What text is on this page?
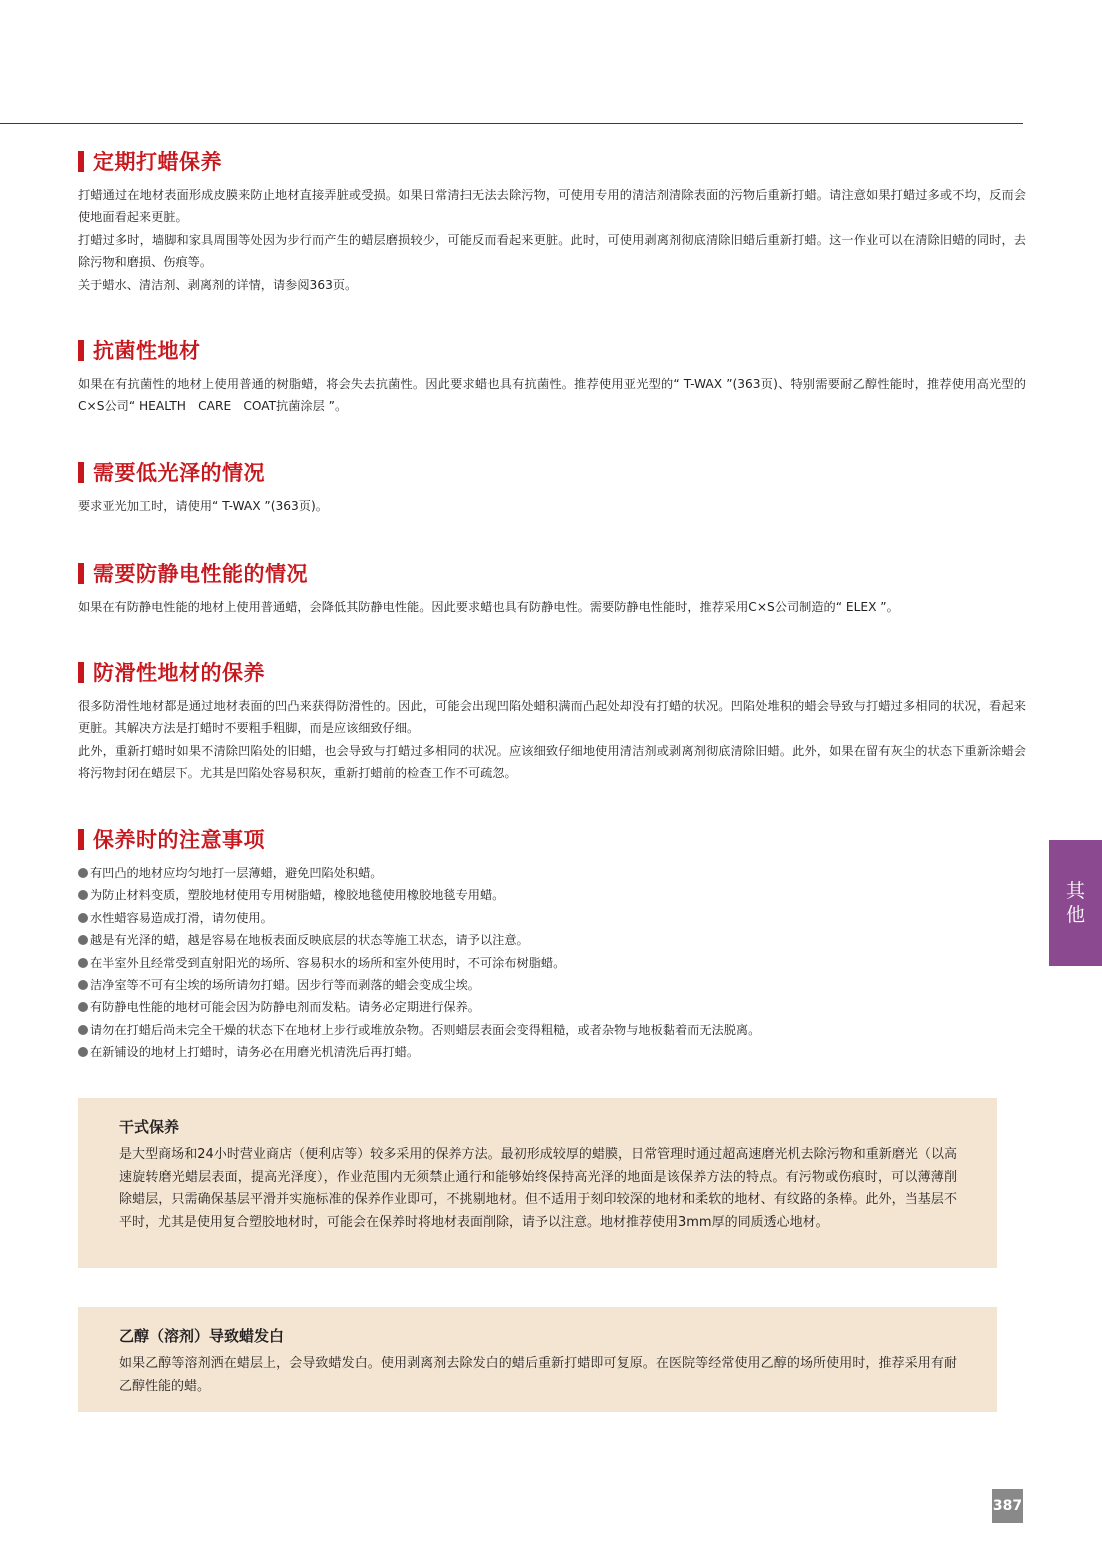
定期打蜡保养

打蜡通过在地材表面形成皮膜来防止地材直接弄脏或受损。如果日常清扫无法去除污物，可使用专用的清洁剂清除表面的污物后重新打蜡。请注意如果打蜡过多或不均，反而会使地面看起来更脏。

打蜡过多时，墙脚和家具周围等处因为步行而产生的蜡层磨损较少，可能反而看起来更脏。此时，可使用剥离剂彻底清除旧蜡后重新打蜡。这一作业可以在清除旧蜡的同时，去除污物和磨损、伤痕等。

关于蜡水、清洁剂、剥离剂的详情，请参阅363页。

抗菌性地材

如果在有抗菌性的地材上使用普通的树脂蜡，将会失去抗菌性。因此要求蜡也具有抗菌性。推荐使用亚光型的“ T-WAX ”(363页)、特别需要耐乙醇性能时，推荐使用高光型的C×S公司“ HEALTH　CARE　COAT抗菌涂层 ”。

需要低光泽的情况

要求亚光加工时，请使用“ T-WAX ”(363页)。

需要防静电性能的情况

如果在有防静电性能的地材上使用普通蜡，会降低其防静电性能。因此要求蜡也具有防静电性。需要防静电性能时，推荐采用C×S公司制造的“ ELEX ”。

防滑性地材的保养

很多防滑性地材都是通过地材表面的凹凸来获得防滑性的。因此，可能会出现凹陷处蜡积满而凸起处却没有打蜡的状况。凹陷处堆积的蜡会导致与打蜡过多相同的状况，看起来更脏。其解决方法是打蜡时不要粗手粗脚，而是应该细致仔细。

此外，重新打蜡时如果不清除凹陷处的旧蜡，也会导致与打蜡过多相同的状况。应该细致仔细地使用清洁剂或剥离剂彻底清除旧蜡。此外，如果在留有灰尘的状态下重新涂蜡会将污物封闭在蜡层下。尤其是凹陷处容易积灰，重新打蜡前的检查工作不可疏忽。

保养时的注意事项
有凹凸的地材应均匀地打一层薄蜡，避免凹陷处积蜡。
为防止材料变质，塑胶地材使用专用树脂蜡，橡胶地毯使用橡胶地毯专用蜡。
水性蜡容易造成打滑，请勿使用。
越是有光泽的蜡，越是容易在地板表面反映底层的状态等施工状态，请予以注意。
在半室外且经常受到直射阳光的场所、容易积水的场所和室外使用时，不可涂布树脂蜡。
洁净室等不可有尘埃的场所请勿打蜡。因步行等而剥落的蜡会变成尘埃。
有防静电性能的地材可能会因为防静电剂而发粘。请务必定期进行保养。
请勿在打蜡后尚未完全干燥的状态下在地材上步行或堆放杂物。否则蜡层表面会变得粗糙，或者杂物与地板黏着而无法脱离。
在新铺设的地材上打蜡时，请务必在用磨光机清洗后再打蜡。

干式保养

是大型商场和24小时营业商店（便利店等）较多采用的保养方法。最初形成较厚的蜡膜，日常管理时通过超高速磨光机去除污物和重新磨光（以高速旋转磨光蜡层表面，提高光泽度），作业范围内无须禁止通行和能够始终保持高光泽的地面是该保养方法的特点。有污物或伤痕时，可以薄薄削除蜡层，只需确保基层平滑并实施标准的保养作业即可，不挑剔地材。但不适用于刻印较深的地材和柔软的地材、有纹路的条棒。此外，当基层不平时，尤其是使用复合塑胶地材时，可能会在保养时将地材表面削除，请予以注意。地材推荐使用3mm厚的同质透心地材。

乙醇（溶剂）导致蜡发白

如果乙醇等溶剂洒在蜡层上，会导致蜡发白。使用剥离剂去除发白的蜡后重新打蜡即可复原。在医院等经常使用乙醇的场所使用时，推荐采用有耐乙醇性能的蜡。

其
他
387
